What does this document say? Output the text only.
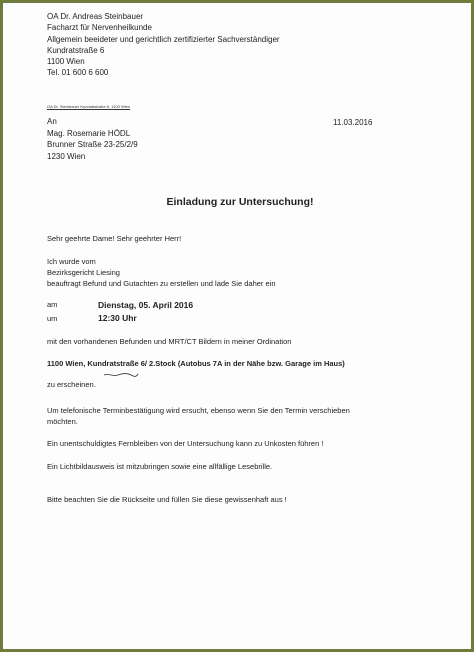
OA Dr. Andreas Steinbauer
Facharzt für Nervenheilkunde
Allgemein beeideter und gerichtlich zertifizierter Sachverständiger
Kundratstraße 6
1100 Wien
Tel. 01 600 6 600
OA Dr. Steinbauer Kundratstraße 6, 1100 Wien
11.03.2016
An
Mag. Rosemarie HÖDL
Brunner Straße 23-25/2/9
1230 Wien
Einladung zur Untersuchung!
Sehr geehrte Dame! Sehr geehrter Herr!
Ich wurde vom
Bezirksgericht Liesing
beauftragt Befund und Gutachten zu erstellen und lade Sie daher ein
am	Dienstag, 05. April 2016
um	12:30 Uhr
mit den vorhandenen Befunden und MRT/CT Bildern in meiner Ordination
1100 Wien, Kundratstraße 6/ 2.Stock (Autobus 7A in der Nähe bzw. Garage im Haus)
zu erscheinen.
Um telefonische Terminbestätigung wird ersucht, ebenso wenn Sie den Termin verschieben
möchten.
Ein unentschuldigtes Fernbleiben von der Untersuchung kann zu Unkosten führen !
Ein Lichtbildausweis ist mitzubringen sowie eine allfällige Lesebrille.
Bitte beachten Sie die Rückseite und füllen Sie diese gewissenhaft aus !
